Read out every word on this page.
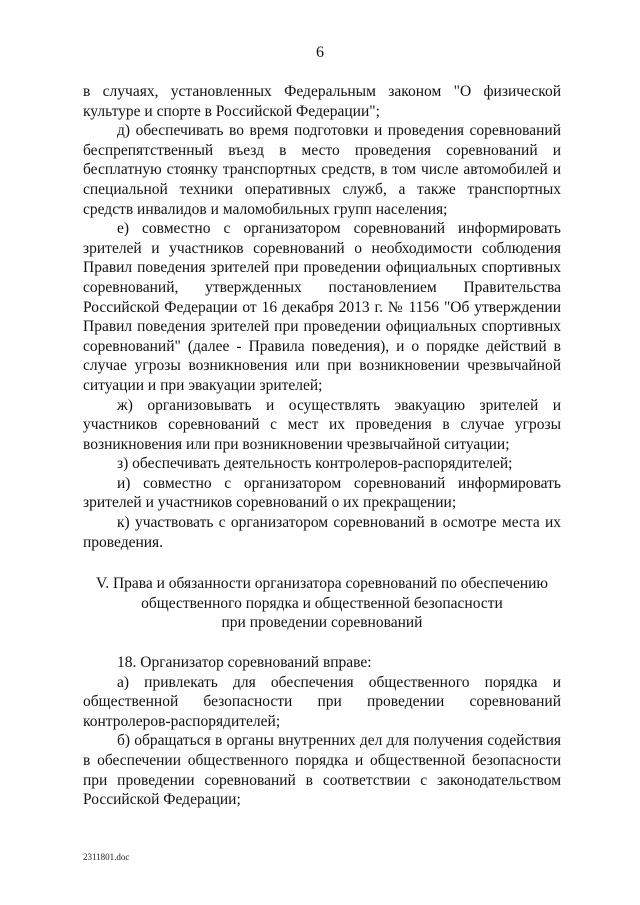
6

в случаях, установленных Федеральным законом "О физической культуре и спорте в Российской Федерации";

д) обеспечивать во время подготовки и проведения соревнований беспрепятственный въезд в место проведения соревнований и бесплатную стоянку транспортных средств, в том числе автомобилей и специальной техники оперативных служб, а также транспортных средств инвалидов и маломобильных групп населения;

е) совместно с организатором соревнований информировать зрителей и участников соревнований о необходимости соблюдения Правил поведения зрителей при проведении официальных спортивных соревнований, утвержденных постановлением Правительства Российской Федерации от 16 декабря 2013 г. № 1156 "Об утверждении Правил поведения зрителей при проведении официальных спортивных соревнований" (далее - Правила поведения), и о порядке действий в случае угрозы возникновения или при возникновении чрезвычайной ситуации и при эвакуации зрителей;

ж) организовывать и осуществлять эвакуацию зрителей и участников соревнований с мест их проведения в случае угрозы возникновения или при возникновении чрезвычайной ситуации;

з) обеспечивать деятельность контролеров-распорядителей;

и) совместно с организатором соревнований информировать зрителей и участников соревнований о их прекращении;

к) участвовать с организатором соревнований в осмотре места их проведения.

V. Права и обязанности организатора соревнований по обеспечению

общественного порядка и общественной безопасности

при проведении соревнований

18. Организатор соревнований вправе:

а) привлекать для обеспечения общественного порядка и общественной безопасности при проведении соревнований контролеров-распорядителей;

б) обращаться в органы внутренних дел для получения содействия в обеспечении общественного порядка и общественной безопасности при проведении соревнований в соответствии с законодательством Российской Федерации;

2311801.doc
